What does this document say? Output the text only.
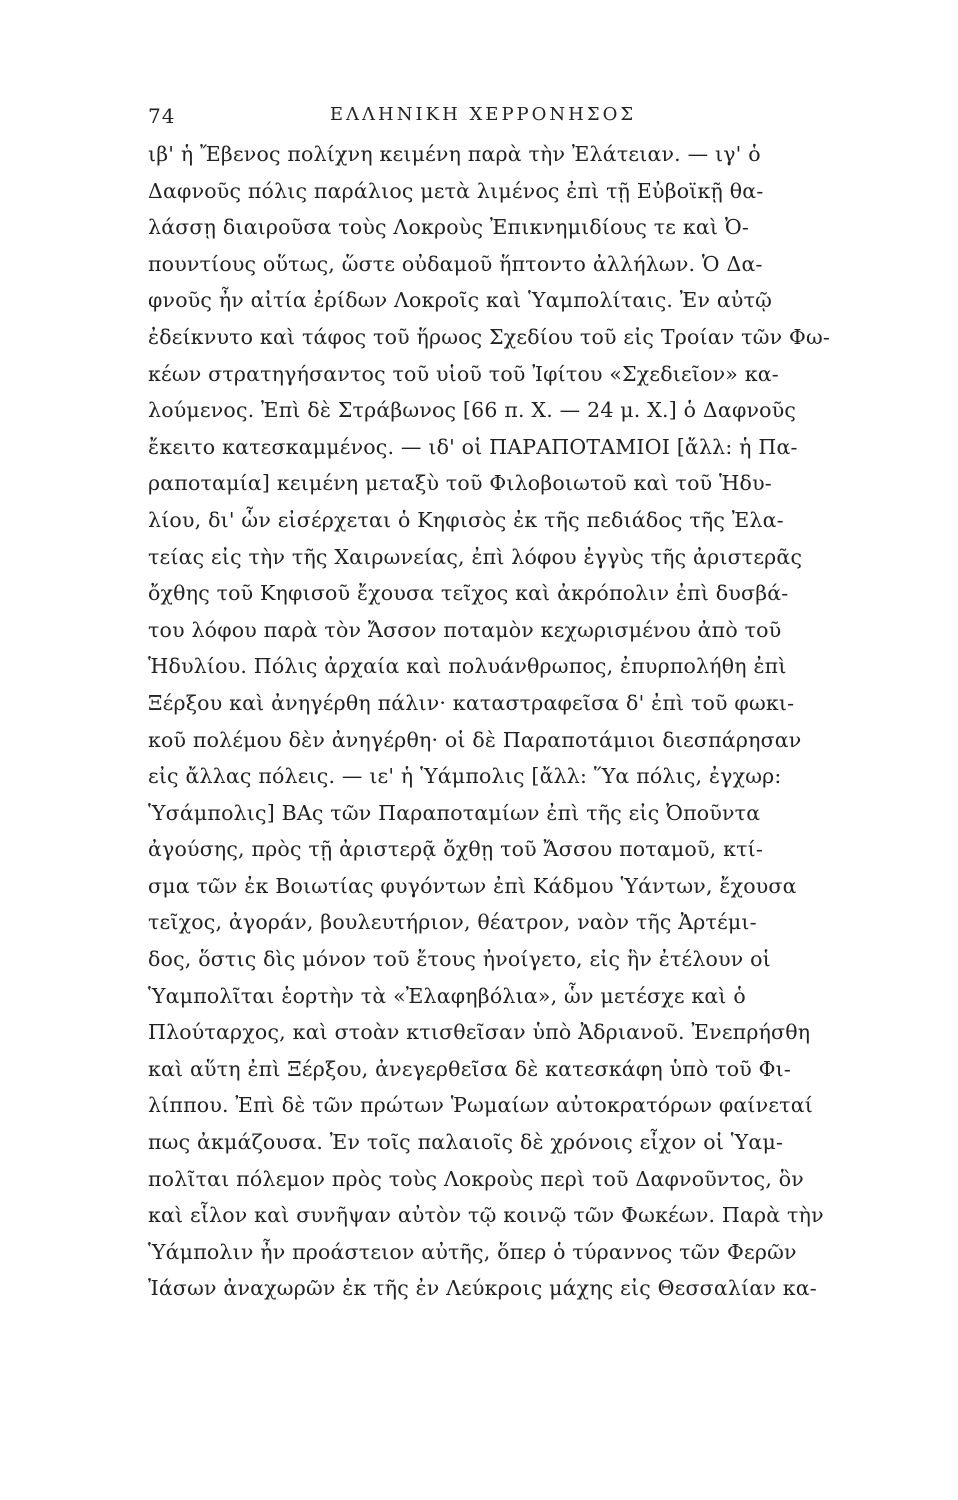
74	ΕΛΛΗΝΙΚΗ ΧΕΡΡΟΝΗΣΟΣ
ιβ' ἡ Ἔβενος πολίχνη κειμένη παρὰ τὴν Ἐλάτειαν. — ιγ' ὁ
Δαφνοῦς πόλις παράλιος μετὰ λιμένος ἐπὶ τῇ Εὐβοϊκῇ θα-
λάσσῃ διαιροῦσα τοὺς Λοκροὺς Ἐπικνημιδίους τε καὶ Ὀ-
πουντίους οὕτως, ὥστε οὐδαμοῦ ἥπτοντο ἀλλήλων. Ὁ Δα-
φνοῦς ἦν αἰτία ἐρίδων Λοκροῖς καὶ Ὑαμπολίταις. Ἐν αὐτῷ
ἐδείκνυτο καὶ τάφος τοῦ ἥρωος Σχεδίου τοῦ εἰς Τροίαν τῶν Φω-
κέων στρατηγήσαντος τοῦ υἱοῦ τοῦ Ἰφίτου «Σχεδιεῖον» κα-
λούμενος. Ἐπὶ δὲ Στράβωνος [66 π. Χ. — 24 μ. Χ.] ὁ Δαφνοῦς
ἔκειτο κατεσκαμμένος. — ιδ' οἱ ΠΑΡΑΠΟΤΑΜΙΟΙ [ἄλλ: ἡ Πα-
ραποταμία] κειμένη μεταξὺ τοῦ Φιλοβοιωτοῦ καὶ τοῦ Ἡδυ-
λίου, δι' ὧν εἰσέρχεται ὁ Κηφισὸς ἐκ τῆς πεδιάδος τῆς Ἐλα-
τείας εἰς τὴν τῆς Χαιρωνείας, ἐπὶ λόφου ἐγγὺς τῆς ἀριστερᾶς
ὄχθης τοῦ Κηφισοῦ ἔχουσα τεῖχος καὶ ἀκρόπολιν ἐπὶ δυσβά-
του λόφου παρὰ τὸν Ἄσσον ποταμὸν κεχωρισμένου ἀπὸ τοῦ
Ἡδυλίου. Πόλις ἀρχαία καὶ πολυάνθρωπος, ἐπυρπολήθη ἐπὶ
Ξέρξου καὶ ἀνηγέρθη πάλιν· καταστραφεῖσα δ' ἐπὶ τοῦ φωκι-
κοῦ πολέμου δὲν ἀνηγέρθη· οἱ δὲ Παραποτάμιοι διεσπάρησαν
εἰς ἄλλας πόλεις. — ιε' ἡ Ὑάμπολις [ἄλλ: Ὕα πόλις, ἐγχωρ:
Ὑσάμπολις] ΒΑς τῶν Παραποταμίων ἐπὶ τῆς εἰς Ὀποῦντα
ἀγούσης, πρὸς τῇ ἀριστερᾷ ὄχθῃ τοῦ Ἄσσου ποταμοῦ, κτί-
σμα τῶν ἐκ Βοιωτίας φυγόντων ἐπὶ Κάδμου Ὑάντων, ἔχουσα
τεῖχος, ἀγοράν, βουλευτήριον, θέατρον, ναὸν τῆς Ἀρτέμι-
δος, ὅστις δὶς μόνον τοῦ ἔτους ἠνοίγετο, εἰς ἣν ἐτέλουν οἱ
Ὑαμπολῖται ἑορτὴν τὰ «Ἐλαφηβόλια», ὧν μετέσχε καὶ ὁ
Πλούταρχος, καὶ στοὰν κτισθεῖσαν ὑπὸ Ἀδριανοῦ. Ἐνεπρήσθη
καὶ αὕτη ἐπὶ Ξέρξου, ἀνεγερθεῖσα δὲ κατεσκάφη ὑπὸ τοῦ Φι-
λίππου. Ἐπὶ δὲ τῶν πρώτων Ῥωμαίων αὐτοκρατόρων φαίνεταί
πως ἀκμάζουσα. Ἐν τοῖς παλαιοῖς δὲ χρόνοις εἶχον οἱ Ὑαμ-
πολῖται πόλεμον πρὸς τοὺς Λοκροὺς περὶ τοῦ Δαφνοῦντος, ὃν
καὶ εἷλον καὶ συνῆψαν αὐτὸν τῷ κοινῷ τῶν Φωκέων. Παρὰ τὴν
Ὑάμπολιν ἦν προάστειον αὐτῆς, ὅπερ ὁ τύραννος τῶν Φερῶν
Ἰάσων ἀναχωρῶν ἐκ τῆς ἐν Λεύκροις μάχης εἰς Θεσσαλίαν κα-
